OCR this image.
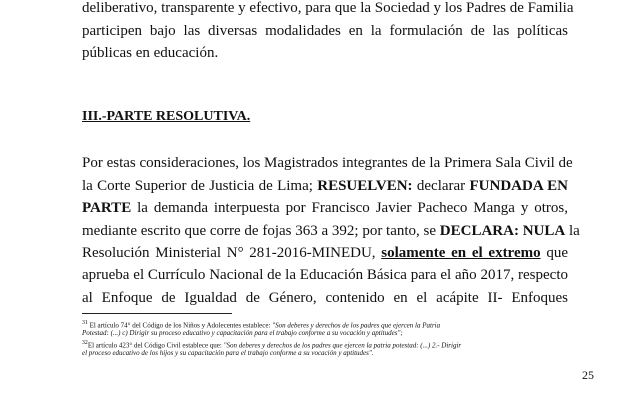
deliberativo, transparente y efectivo, para que la Sociedad y los Padres de Familia
participen bajo las diversas modalidades en la formulación de las políticas
públicas en educación.
III.-PARTE RESOLUTIVA.
Por estas consideraciones, los Magistrados integrantes de la Primera Sala Civil de
la Corte Superior de Justicia de Lima; RESUELVEN: declarar FUNDADA EN
PARTE la demanda interpuesta por Francisco Javier Pacheco Manga y otros,
mediante escrito que corre de fojas 363 a 392; por tanto, se DECLARA: NULA la
Resolución Ministerial N° 281-2016-MINEDU, solamente en el extremo que
aprueba el Currículo Nacional de la Educación Básica para el año 2017, respecto
al Enfoque de Igualdad de Género, contenido en el acápite II- Enfoques
$^{31}$ El artículo 74° del Código de los Niños y Adolecentes establece: "Son deberes y derechos de los padres que ejercen la Patria
Potestad: (...) c) Dirigir su proceso educativo y capacitación para el trabajo conforme a su vocación y aptitudes";
$^{32}$El artículo 423° del Código Civil establece que: "Son deberes y derechos de los padres que ejercen la patria potestad: (...) 2.- Dirigir
el proceso educativo de los hijos y su capacitación para el trabajo conforme a su vocación y aptitudes".
25
